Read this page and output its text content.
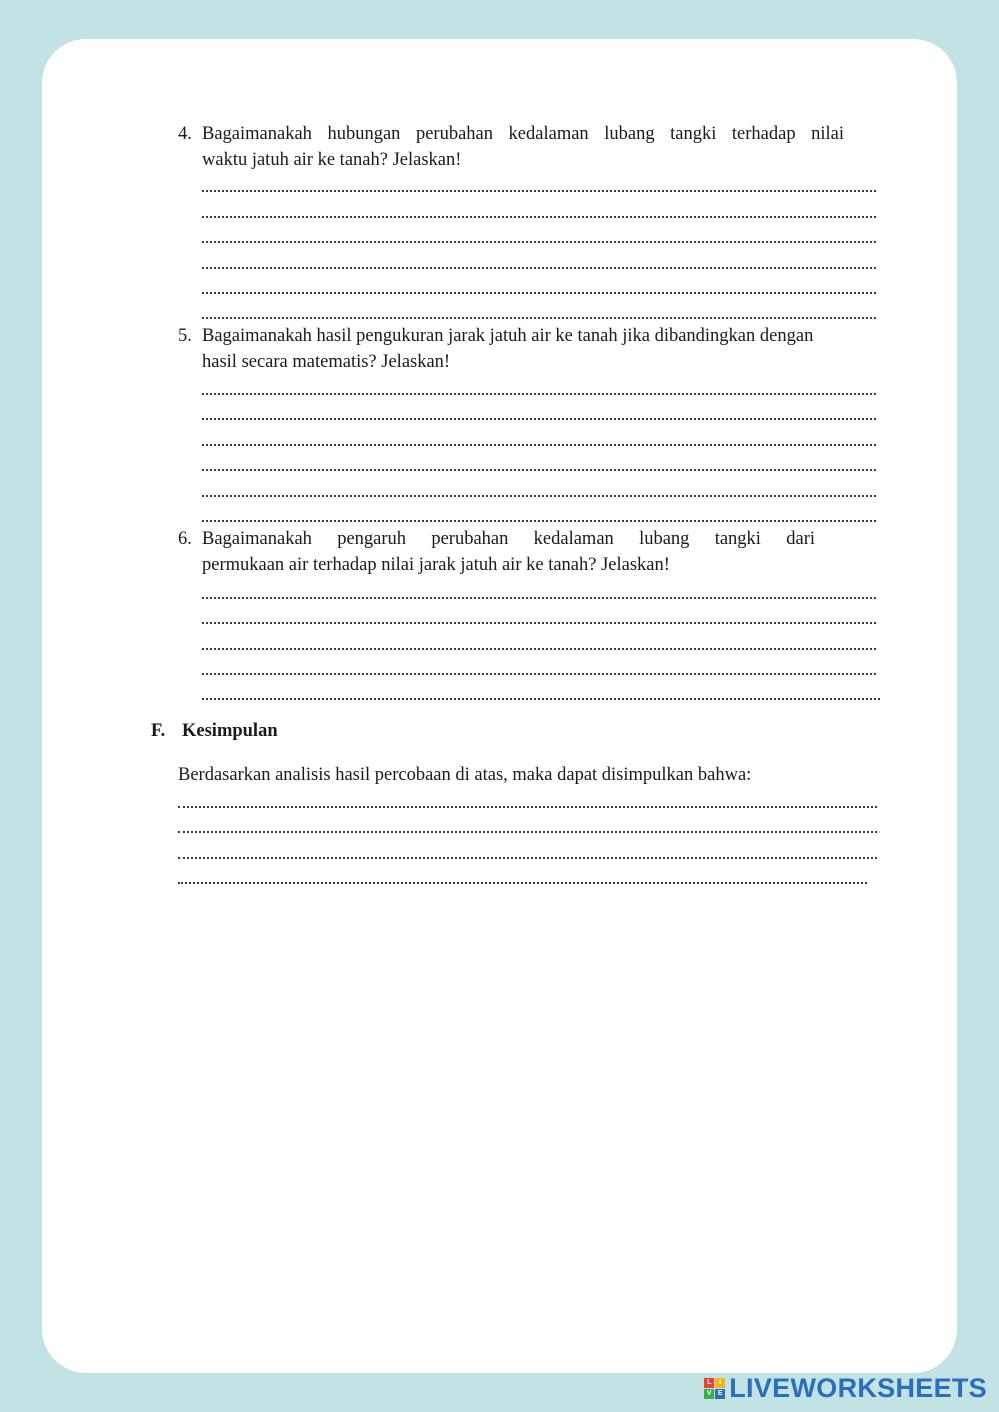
4. Bagaimanakah hubungan perubahan kedalaman lubang tangki terhadap nilai
waktu jatuh air ke tanah? Jelaskan!
5. Bagaimanakah hasil pengukuran jarak jatuh air ke tanah jika dibandingkan dengan
hasil secara matematis? Jelaskan!
6. Bagaimanakah pengaruh perubahan kedalaman lubang tangki dari
permukaan air terhadap nilai jarak jatuh air ke tanah? Jelaskan!
F. Kesimpulan
Berdasarkan analisis hasil percobaan di atas, maka dapat disimpulkan bahwa:
L	I
V E LIVEWORKSHEETS
